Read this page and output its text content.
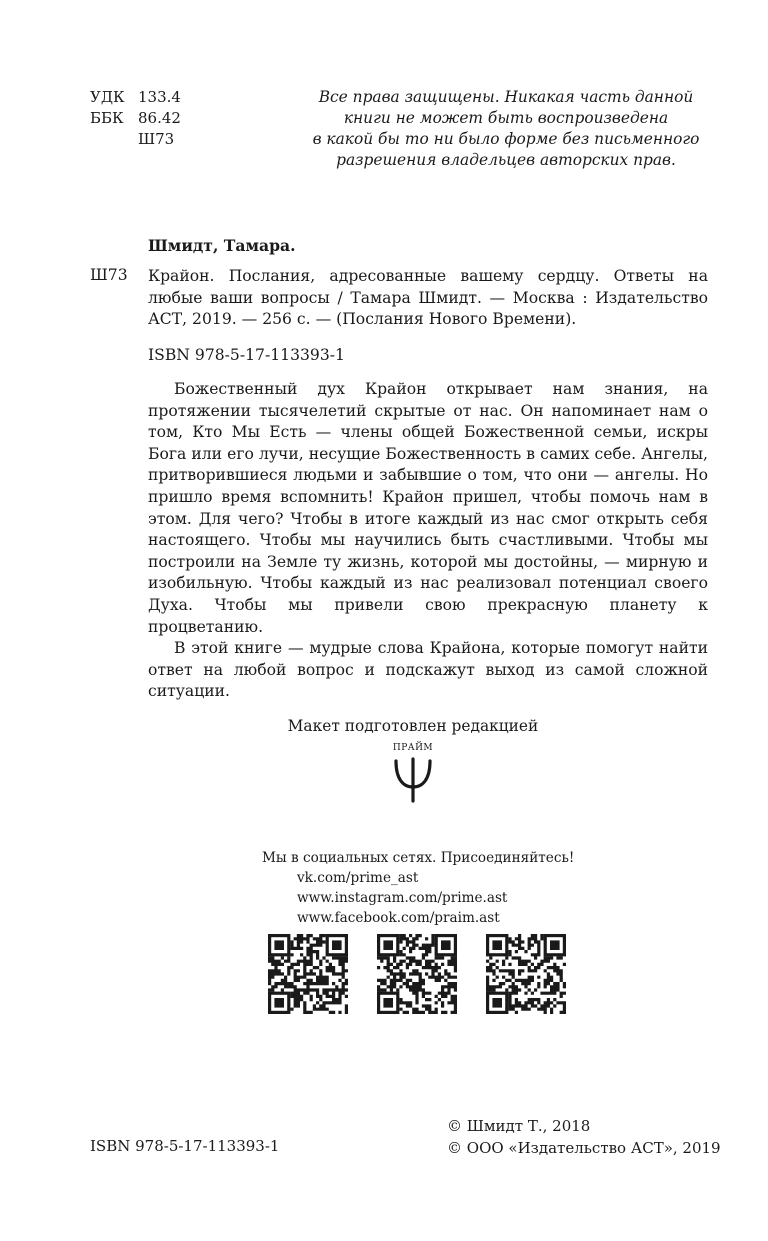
УДК 133.4
ББК 86.42
Ш73
Все права защищены. Никакая часть данной
книги не может быть воспроизведена
в какой бы то ни было форме без письменного
разрешения владельцев авторских прав.
Шмидт, Тамара.
Ш73 Крайон. Послания, адресованные вашему сердцу. Ответы на любые ваши вопросы / Тамара Шмидт. — Москва : Издательство АСТ, 2019. — 256 с. — (Послания Нового Времени).
ISBN 978-5-17-113393-1

Божественный дух Крайон открывает нам знания, на протяжении тысячелетий скрытые от нас. Он напоминает нам о том, Кто Мы Есть — члены общей Божественной семьи, искры Бога или его лучи, несущие Божественность в самих себе. Ангелы, притворившиеся людьми и забывшие о том, что они — ангелы. Но пришло время вспомнить! Крайон пришел, чтобы помочь нам в этом. Для чего? Чтобы в итоге каждый из нас смог открыть себя настоящего. Чтобы мы научились быть счастливыми. Чтобы мы построили на Земле ту жизнь, которой мы достойны, — мирную и изобильную. Чтобы каждый из нас реализовал потенциал своего Духа. Чтобы мы привели свою прекрасную планету к процветанию.

В этой книге — мудрые слова Крайона, которые помогут найти ответ на любой вопрос и подскажут выход из самой сложной ситуации.

Макет подготовлен редакцией
ПРАЙМ
Мы в социальных сетях. Присоединяйтесь!
vk.com/prime_ast
www.instagram.com/prime.ast
www.facebook.com/praim.ast
© Шмидт Т., 2018
© ООО «Издательство АСТ», 2019
ISBN 978-5-17-113393-1
